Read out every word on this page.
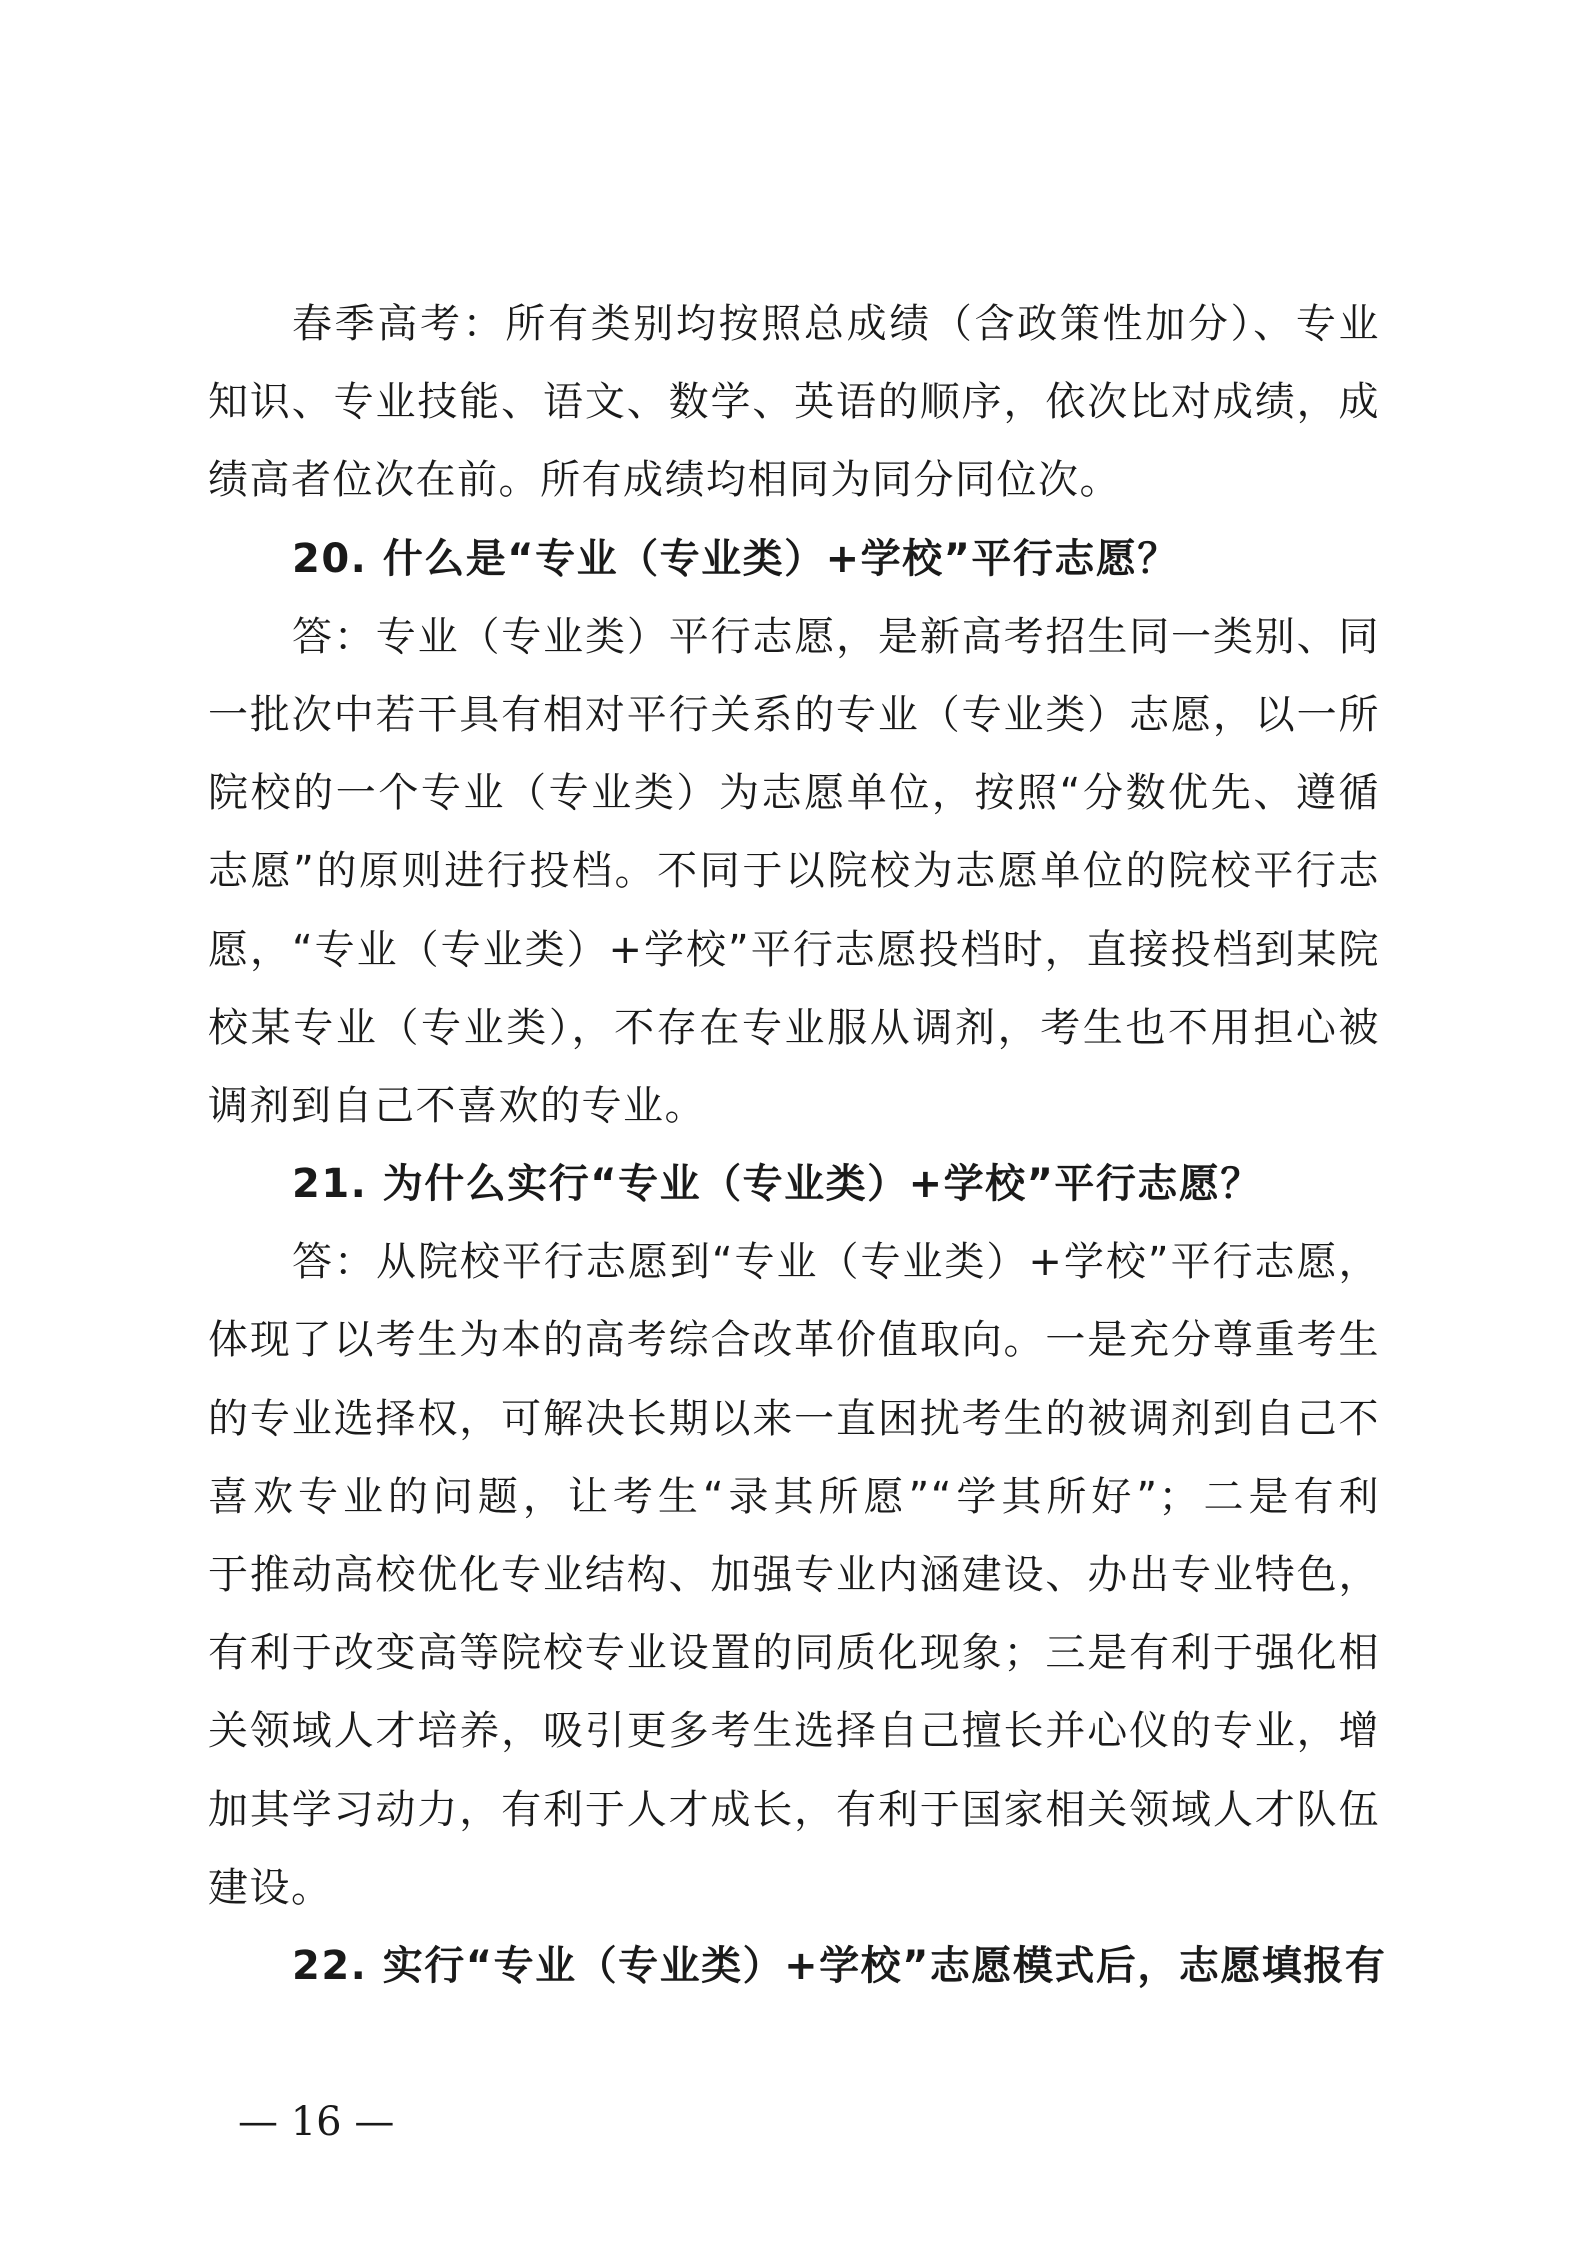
春季高考：所有类别均按照总成绩（含政策性加分）、专业
知识、专业技能、语文、数学、英语的顺序，依次比对成绩，成
绩高者位次在前。所有成绩均相同为同分同位次。
20. 什么是“专业（专业类）+学校”平行志愿？
答：专业（专业类）平行志愿，是新高考招生同一类别、同
一批次中若干具有相对平行关系的专业（专业类）志愿，以一所
院校的一个专业（专业类）为志愿单位，按照“分数优先、遵循
志愿”的原则进行投档。不同于以院校为志愿单位的院校平行志
愿，“专业（专业类）+学校”平行志愿投档时，直接投档到某院
校某专业（专业类），不存在专业服从调剂，考生也不用担心被
调剂到自己不喜欢的专业。
21. 为什么实行“专业（专业类）+学校”平行志愿？
答：从院校平行志愿到“专业（专业类）+学校”平行志愿，
体现了以考生为本的高考综合改革价值取向。一是充分尊重考生
的专业选择权，可解决长期以来一直困扰考生的被调剂到自己不
喜欢专业的问题，让考生“录其所愿”“学其所好”；二是有利
于推动高校优化专业结构、加强专业内涵建设、办出专业特色，
有利于改变高等院校专业设置的同质化现象；三是有利于强化相
关领域人才培养，吸引更多考生选择自己擅长并心仪的专业，增
加其学习动力，有利于人才成长，有利于国家相关领域人才队伍
建设。
22. 实行“专业（专业类）+学校”志愿模式后，志愿填报有
— 16 —
